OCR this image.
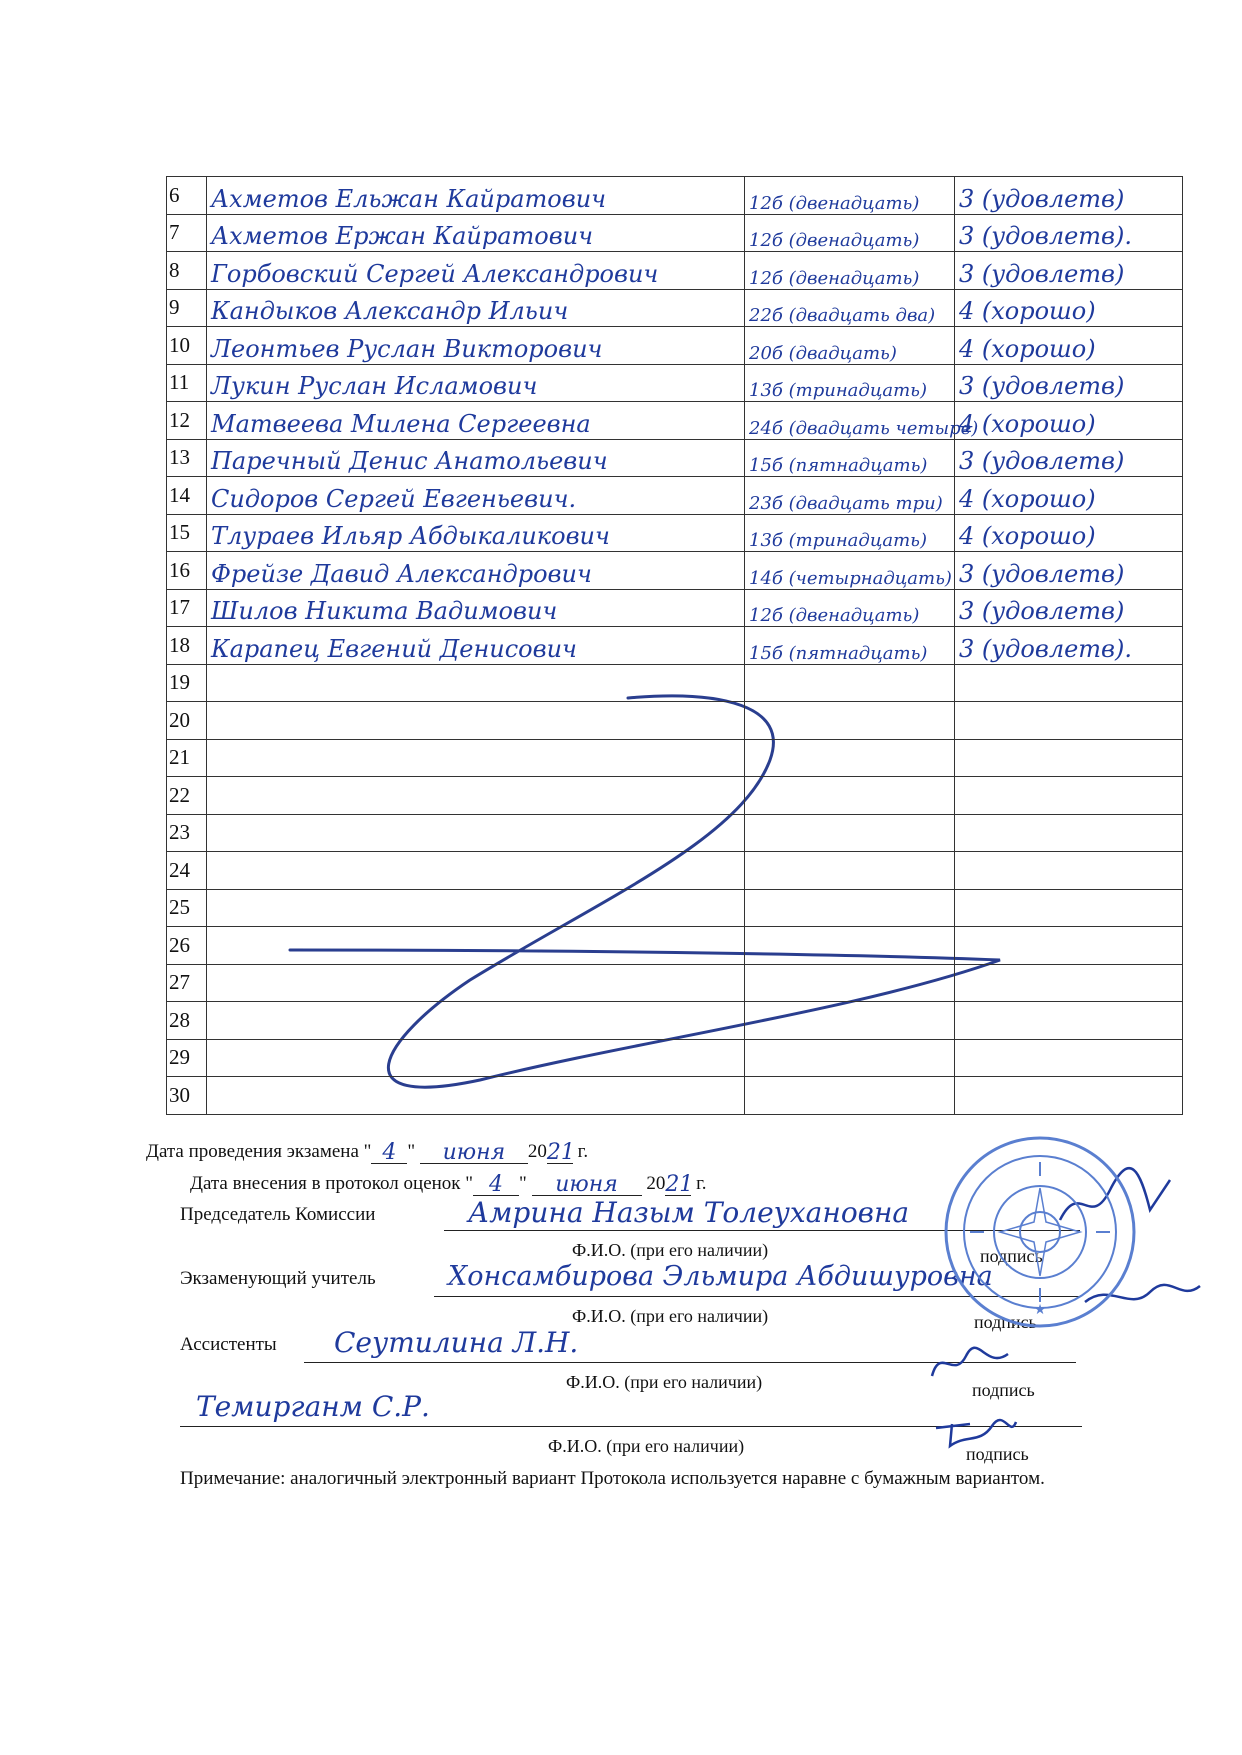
6	Ахметов Ельжан Кайратович	12б (двенадцать)	3 (удовлетв)
7	Ахметов Ержан Кайратович	12б (двенадцать)	3 (удовлетв).
8	Горбовский Сергей Александрович	12б (двенадцать)	3 (удовлетв)
9	Кандыков Александр Ильич	22б (двадцать два)	4 (хорошо)
10	Леонтьев Руслан Викторович	20б (двадцать)	4 (хорошо)
11	Лукин Руслан Исламович	13б (тринадцать)	3 (удовлетв)
12	Матвеева Милена Сергеевна	24б (двадцать четыре)	4 (хорошо)
13	Паречный Денис Анатольевич	15б (пятнадцать)	3 (удовлетв)
14	Сидоров Сергей Евгеньевич.	23б (двадцать три)	4 (хорошо)
15	Тлураев Ильяр Абдыкаликович	13б (тринадцать)	4 (хорошо)
16	Фрейзе Давид Александрович	14б (четырнадцать)	3 (удовлетв)
17	Шилов Никита Вадимович	12б (двенадцать)	3 (удовлетв)
18	Карапец Евгений Денисович	15б (пятнадцать)	3 (удовлетв).
19			
20			
21			
22			
23			
24			
25			
26			
27			
28			
29			
30			
Дата проведения экзамена " 4 " июня 2021 г.
Дата внесения в протокол оценок " 4 " июня 2021 г.
Председатель Комиссии	Амрина Назым Толеухановна
Ф.И.О. (при его наличии)	подпись
Экзаменующий учитель	Хонсамбирова Эльмира Абдишуровна
Ф.И.О. (при его наличии)	подпись
Ассистенты Сеутилина Л.Н.
Ф.И.О. (при его наличии)	подпись
Темирганм С.Р.
Ф.И.О. (при его наличии)	подпись
★
Примечание: аналогичный электронный вариант Протокола используется наравне с бумажным вариантом.
